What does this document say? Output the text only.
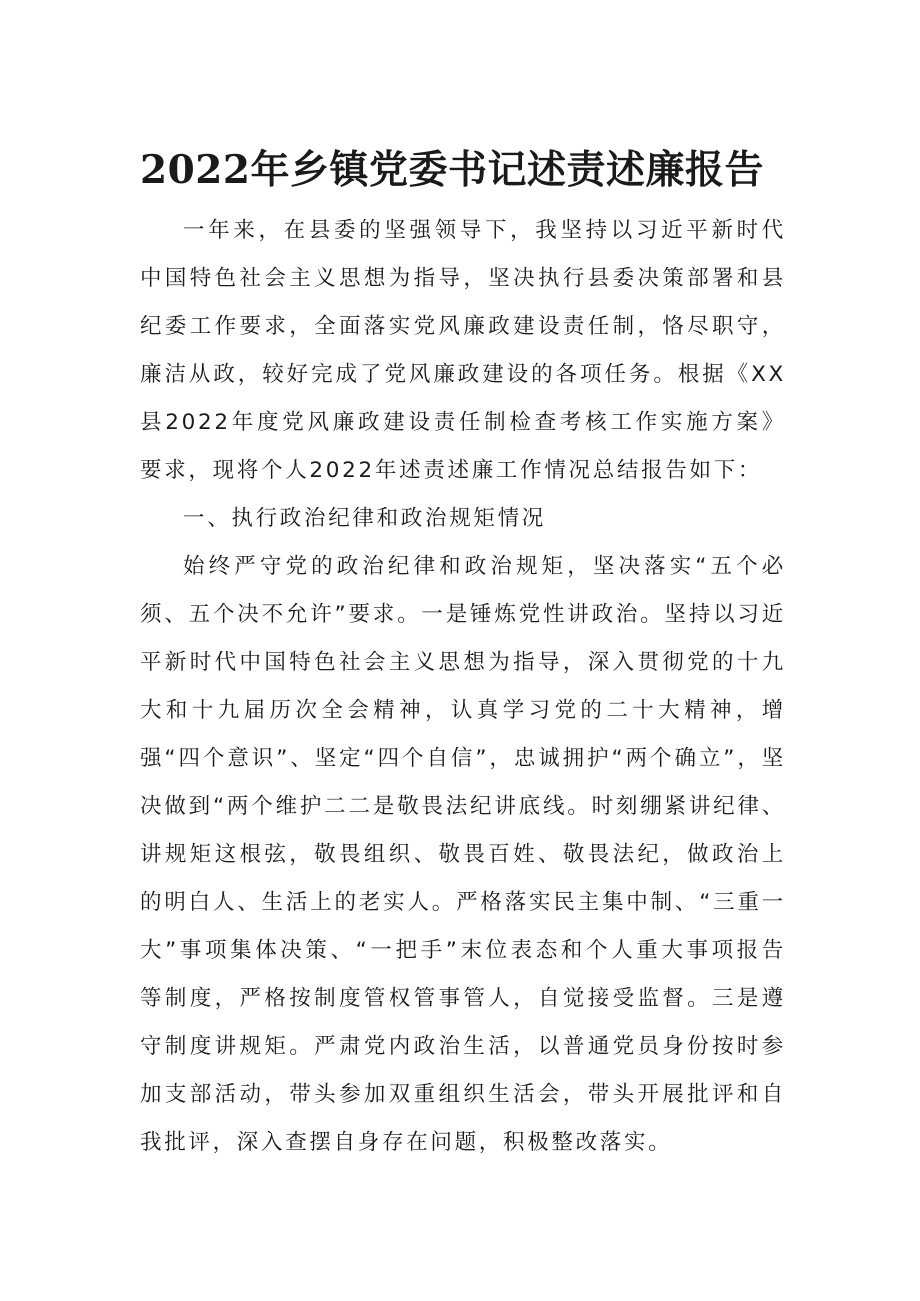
2022年乡镇党委书记述责述廉报告

一年来，在县委的坚强领导下，我坚持以习近平新时代中国特色社会主义思想为指导，坚决执行县委决策部署和县纪委工作要求，全面落实党风廉政建设责任制，恪尽职守，廉洁从政，较好完成了党风廉政建设的各项任务。根据《XX县2022年度党风廉政建设责任制检查考核工作实施方案》要求，现将个人2022年述责述廉工作情况总结报告如下：

一、执行政治纪律和政治规矩情况

始终严守党的政治纪律和政治规矩，坚决落实“五个必须、五个决不允许”要求。一是锤炼党性讲政治。坚持以习近平新时代中国特色社会主义思想为指导，深入贯彻党的十九大和十九届历次全会精神，认真学习党的二十大精神，增强“四个意识”、坚定“四个自信”，忠诚拥护“两个确立”，坚决做到“两个维护二二是敬畏法纪讲底线。时刻绷紧讲纪律、讲规矩这根弦，敬畏组织、敬畏百姓、敬畏法纪，做政治上的明白人、生活上的老实人。严格落实民主集中制、“三重一大”事项集体决策、“一把手”末位表态和个人重大事项报告等制度，严格按制度管权管事管人，自觉接受监督。三是遵守制度讲规矩。严肃党内政治生活，以普通党员身份按时参加支部活动，带头参加双重组织生活会，带头开展批评和自我批评，深入查摆自身存在问题，积极整改落实。
